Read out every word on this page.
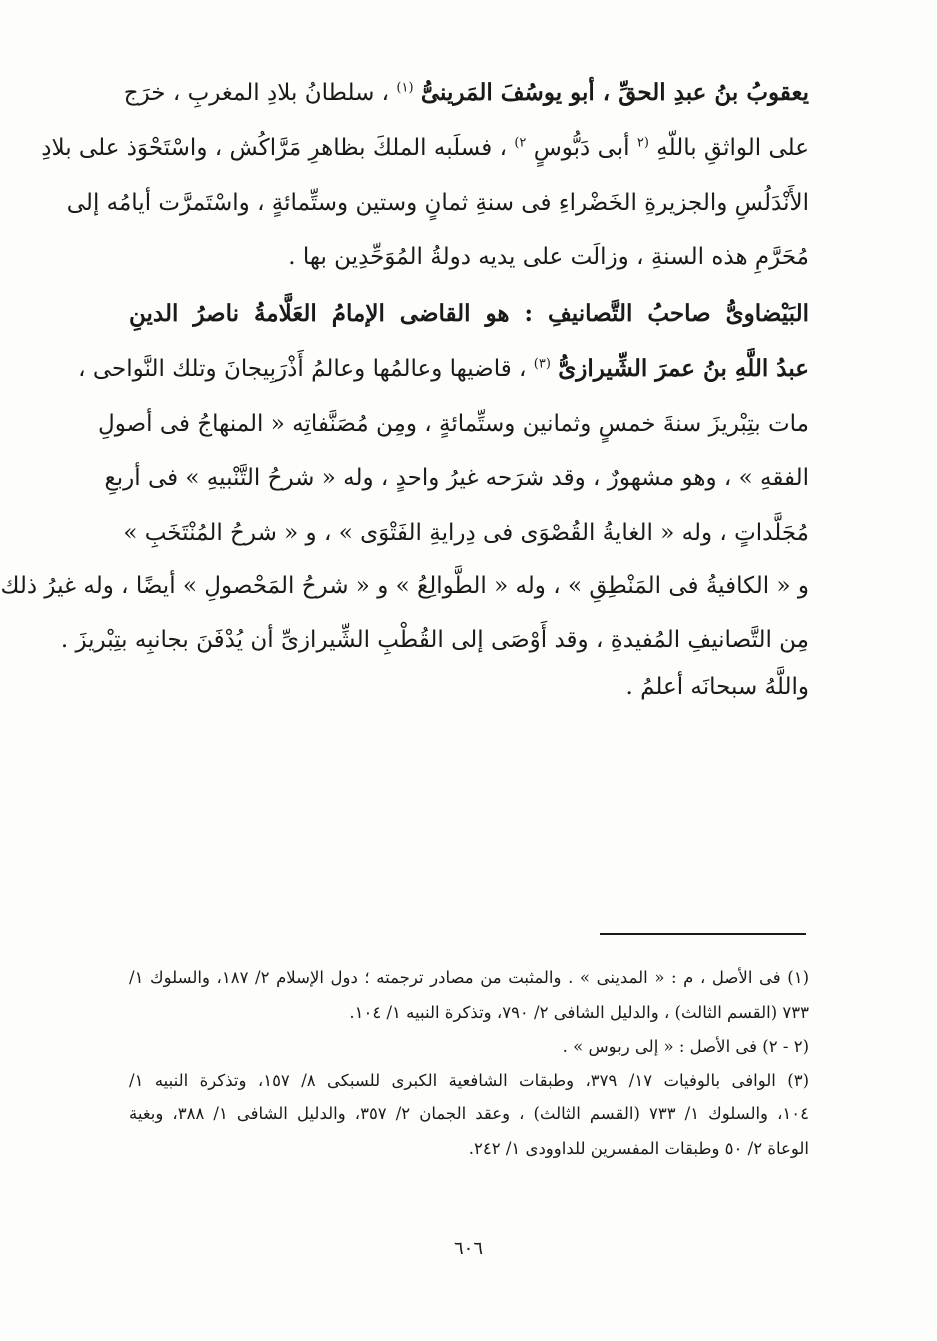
يعقوبُ بنُ عبدِ الحقِّ ، أبو يوسُفَ المَرينىُّ $^{(١)}$ ، سلطانُ بلادِ المغربِ ، خرَج
على الواثقِ باللّهِ $^{(٢}$ أبى دَبُّوسٍ $^{٢)}$ ، فسلَبه الملكَ بظاهرِ مَرَّاكُش ، واسْتَحْوَذ على بلادِ
الأَنْدَلُسِ والجزيرةِ الخَضْراءِ فى سنةِ ثمانٍ وستين وستِّمائةٍ ، واسْتَمرَّت أيامُه إلى
مُحَرَّمِ هذه السنةِ ، وزالَت على يديه دولةُ المُوَحِّدِين بها .
البَيْضاوىُّ صاحبُ التَّصانيفِ : هو القاضى الإمامُ العَلَّامةُ ناصرُ الدينِ
عبدُ اللَّهِ بنُ عمرَ الشِّيرازىُّ $^{(٣)}$ ، قاضيها وعالمُها وعالمُ أَذْرَبِيجانَ وتلك النَّواحى ،
مات بتِبْريزَ سنةَ خمسٍ وثمانين وستِّمائةٍ ، ومِن مُصَنَّفاتِه « المنهاجُ فى أصولِ
الفقهِ » ، وهو مشهورٌ ، وقد شرَحه غيرُ واحدٍ ، وله « شرحُ التَّنْبيهِ » فى أربعِ
مُجَلَّداتٍ ، وله « الغايةُ القُصْوَى فى دِرايةِ الفَتْوَى » ، و « شرحُ المُنْتَخَبِ »
و « الكافيةُ فى المَنْطِقِ » ، وله « الطَّوالِعُ » و « شرحُ المَحْصولِ » أيضًا ، وله غيرُ ذلك
مِن التَّصانيفِ المُفيدةِ ، وقد أَوْصَى إلى القُطْبِ الشِّيرازىِّ أن يُدْفَنَ بجانبِه بتِبْريزَ .
واللَّهُ سبحانَه أعلمُ .
(١) فى الأصل ، م : « المدينى » . والمثبت من مصادر ترجمته ؛ دول الإسلام ٢/ ١٨٧، والسلوك ١/
٧٣٣ (القسم الثالث) ، والدليل الشافى ٢/ ٧٩٠، وتذكرة النبيه ١/ ١٠٤.
(٢ - ٢) فى الأصل : « إلى ربوس » .
(٣) الوافى بالوفيات ١٧/ ٣٧٩، وطبقات الشافعية الكبرى للسبكى ٨/ ١٥٧، وتذكرة النبيه ١/
١٠٤، والسلوك ١/ ٧٣٣ (القسم الثالث) ، وعقد الجمان ٢/ ٣٥٧، والدليل الشافى ١/ ٣٨٨، وبغية
الوعاة ٢/ ٥٠ وطبقات المفسرين للداوودى ١/ ٢٤٢.
٦٠٦
